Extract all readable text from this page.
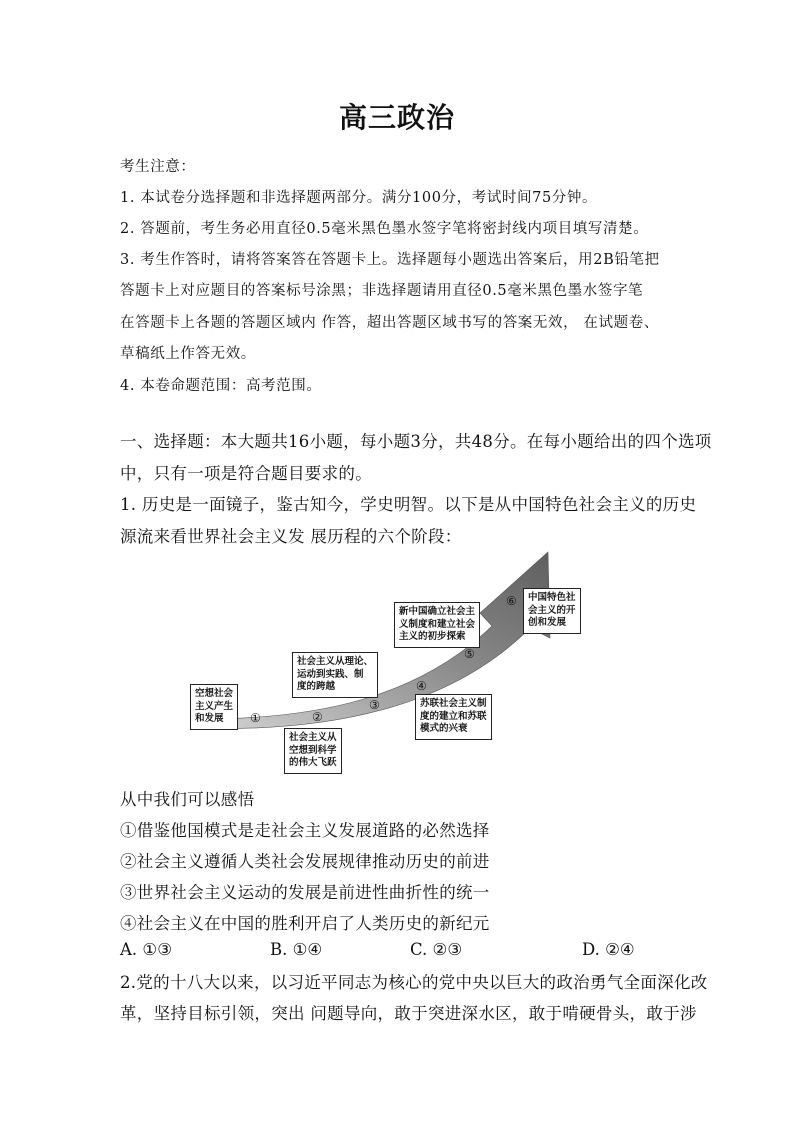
高三政治
考生注意：
1. 本试卷分选择题和非选择题两部分。满分100分，考试时间75分钟。
2. 答题前，考生务必用直径0.5毫米黑色墨水签字笔将密封线内项目填写清楚。
3. 考生作答时，请将答案答在答题卡上。选择题每小题选出答案后，用2B铅笔把
答题卡上对应题目的答案标号涂黑；非选择题请用直径0.5毫米黑色墨水签字笔
在答题卡上各题的答题区域内 作答，超出答题区域书写的答案无效， 在试题卷、
草稿纸上作答无效。
4. 本卷命题范围：高考范围。
一、选择题：本大题共16小题，每小题3分，共48分。在每小题给出的四个选项
中，只有一项是符合题目要求的。
1. 历史是一面镜子，鉴古知今，学史明智。以下是从中国特色社会主义的历史
源流来看世界社会主义发 展历程的六个阶段：
空想社会
主义产生
和发展
社会主义从
空想到科学
的伟大飞跃
社会主义从理论、
运动到实践、制
度的跨越
苏联社会主义制
度的建立和苏联
模式的兴衰
新中国确立社会主
义制度和建立社会
主义的初步探索
中国特色社
会主义的开
创和发展
①	②
③
④
⑤
⑥
从中我们可以感悟
①借鉴他国模式是走社会主义发展道路的必然选择
②社会主义遵循人类社会发展规律推动历史的前进
③世界社会主义运动的发展是前进性曲折性的统一
④社会主义在中国的胜利开启了人类历史的新纪元
A. ①③	B. ①④	C. ②③	D. ②④
2.党的十八大以来，以习近平同志为核心的党中央以巨大的政治勇气全面深化改
革，坚持目标引领，突出 问题导向，敢于突进深水区，敢于啃硬骨头，敢于涉
